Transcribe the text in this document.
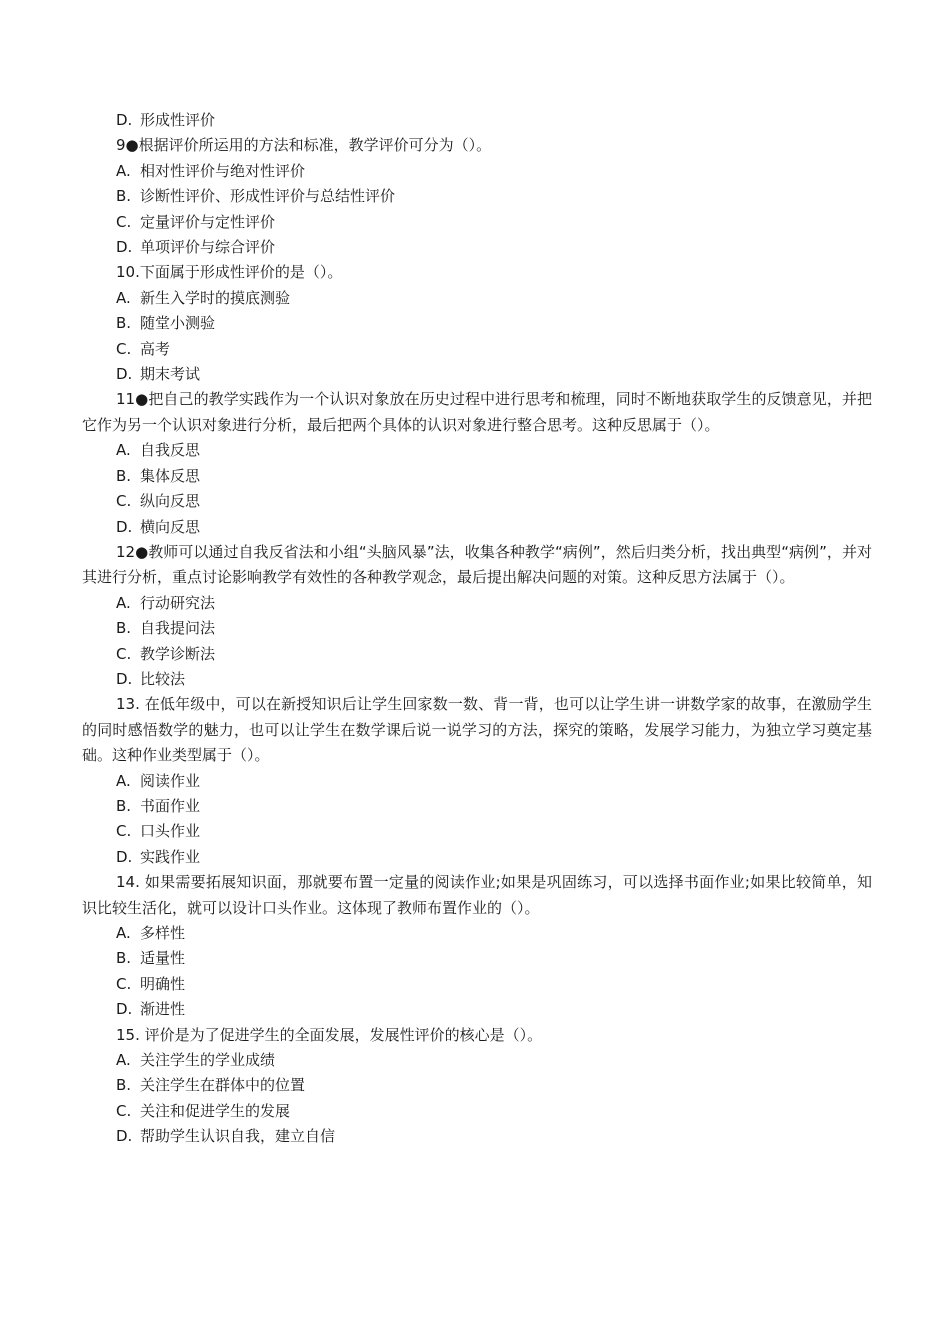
D. 形成性评价
9●根据评价所运用的方法和标准，教学评价可分为（）。
A. 相对性评价与绝对性评价
B. 诊断性评价、形成性评价与总结性评价
C. 定量评价与定性评价
D. 单项评价与综合评价
10.下面属于形成性评价的是（）。
A. 新生入学时的摸底测验
B. 随堂小测验
C. 高考
D. 期末考试
11●把自己的教学实践作为一个认识对象放在历史过程中进行思考和梳理，同时不断地获取学生的反馈意见，并把它作为另一个认识对象进行分析，最后把两个具体的认识对象进行整合思考。这种反思属于（）。
A. 自我反思
B. 集体反思
C. 纵向反思
D. 横向反思
12●教师可以通过自我反省法和小组“头脑风暴”法，收集各种教学“病例”，然后归类分析，找出典型“病例”，并对其进行分析，重点讨论影响教学有效性的各种教学观念，最后提出解决问题的对策。这种反思方法属于（）。
A. 行动研究法
B. 自我提问法
C. 教学诊断法
D. 比较法
13. 在低年级中，可以在新授知识后让学生回家数一数、背一背，也可以让学生讲一讲数学家的故事，在激励学生的同时感悟数学的魅力，也可以让学生在数学课后说一说学习的方法，探究的策略，发展学习能力，为独立学习奠定基础。这种作业类型属于（）。
A. 阅读作业
B. 书面作业
C. 口头作业
D. 实践作业
14. 如果需要拓展知识面，那就要布置一定量的阅读作业;如果是巩固练习，可以选择书面作业;如果比较简单，知识比较生活化，就可以设计口头作业。这体现了教师布置作业的（）。
A. 多样性
B. 适量性
C. 明确性
D. 渐进性
15. 评价是为了促进学生的全面发展，发展性评价的核心是（）。
A. 关注学生的学业成绩
B. 关注学生在群体中的位置
C. 关注和促进学生的发展
D. 帮助学生认识自我，建立自信
